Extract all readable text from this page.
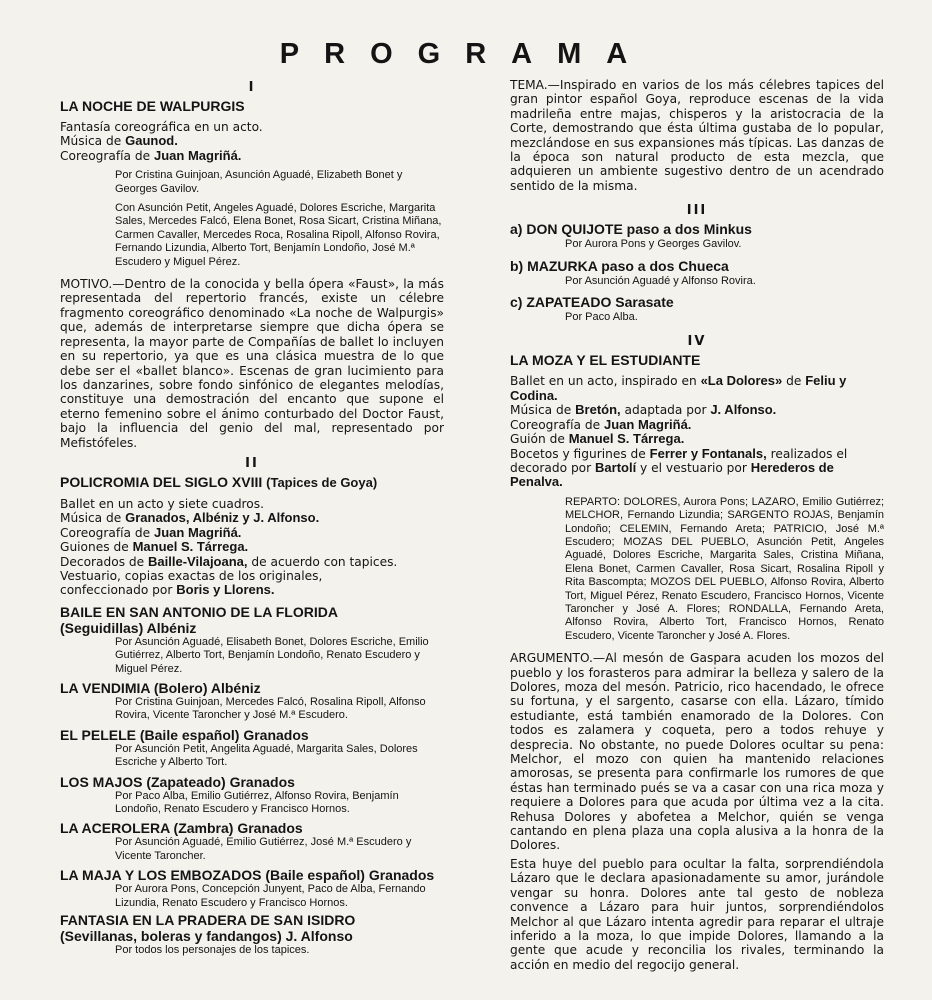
PROGRAMA
I
LA NOCHE DE WALPURGIS
Fantasía coreográfica en un acto.
Música de Gaunod.
Coreografía de Juan Magriñá.
Por Cristina Guinjoan, Asunción Aguadé, Elizabeth Bonet y Georges Gavilov.
Con Asunción Petit, Angeles Aguadé, Dolores Escriche, Margarita Sales, Mercedes Falcó, Elena Bonet, Rosa Sicart, Cristina Miñana, Carmen Cavaller, Mercedes Roca, Rosalina Ripoll, Alfonso Rovira, Fernando Lizundia, Alberto Tort, Benjamín Londoño, José M.ª Escudero y Miguel Pérez.
MOTIVO.—Dentro de la conocida y bella ópera «Faust», la más representada del repertorio francés, existe un célebre fragmento coreográfico denominado «La noche de Walpurgis» que, además de interpretarse siempre que dicha ópera se representa, la mayor parte de Compañías de ballet lo incluyen en su repertorio, ya que es una clásica muestra de lo que debe ser el «ballet blanco». Escenas de gran lucimiento para los danzarines, sobre fondo sinfónico de elegantes melodías, constituye una demostración del encanto que supone el eterno femenino sobre el ánimo conturbado del Doctor Faust, bajo la influencia del genio del mal, representado por Mefistófeles.
II
POLICROMIA DEL SIGLO XVIII (Tapices de Goya)
Ballet en un acto y siete cuadros.
Música de Granados, Albéniz y J. Alfonso.
Coreografía de Juan Magriñá.
Guiones de Manuel S. Tárrega.
Decorados de Baille-Vilajoana, de acuerdo con tapices.
Vestuario, copias exactas de los originales,
confeccionado por Boris y Llorens.
BAILE EN SAN ANTONIO DE LA FLORIDA
(Seguidillas) Albéniz
Por Asunción Aguadé, Elisabeth Bonet, Dolores Escriche, Emilio Gutiérrez, Alberto Tort, Benjamín Londoño, Renato Escudero y Miguel Pérez.
LA VENDIMIA (Bolero) Albéniz
Por Cristina Guinjoan, Mercedes Falcó, Rosalina Ripoll, Alfonso Rovira, Vicente Taroncher y José M.ª Escudero.
EL PELELE (Baile español) Granados
Por Asunción Petit, Angelita Aguadé, Margarita Sales, Dolores Escriche y Alberto Tort.
LOS MAJOS (Zapateado) Granados
Por Paco Alba, Emilio Gutiérrez, Alfonso Rovira, Benjamín Londoño, Renato Escudero y Francisco Hornos.
LA ACEROLERA (Zambra) Granados
Por Asunción Aguadé, Emilio Gutiérrez, José M.ª Escudero y Vicente Taroncher.
LA MAJA Y LOS EMBOZADOS (Baile español) Granados
Por Aurora Pons, Concepción Junyent, Paco de Alba, Fernando Lizundia, Renato Escudero y Francisco Hornos.
FANTASIA EN LA PRADERA DE SAN ISIDRO
(Sevillanas, boleras y fandangos) J. Alfonso
Por todos los personajes de los tapices.
TEMA.—Inspirado en varios de los más célebres tapices del gran pintor español Goya, reproduce escenas de la vida madrileña entre majas, chisperos y la aristocracia de la Corte, demostrando que ésta última gustaba de lo popular, mezclándose en sus expansiones más típicas. Las danzas de la época son natural producto de esta mezcla, que adquieren un ambiente sugestivo dentro de un acendrado sentido de la misma.
III
a) DON QUIJOTE paso a dos Minkus
Por Aurora Pons y Georges Gavilov.
b) MAZURKA paso a dos Chueca
Por Asunción Aguadé y Alfonso Rovira.
c) ZAPATEADO Sarasate
Por Paco Alba.
IV
LA MOZA Y EL ESTUDIANTE
Ballet en un acto, inspirado en «La Dolores» de Feliu y Codina.
Música de Bretón, adaptada por J. Alfonso.
Coreografía de Juan Magriñá.
Guión de Manuel S. Tárrega.
Bocetos y figurines de Ferrer y Fontanals, realizados el decorado por Bartolí y el vestuario por Herederos de Penalva.
REPARTO: DOLORES, Aurora Pons; LAZARO, Emilio Gutiérrez; MELCHOR, Fernando Lizundia; SARGENTO ROJAS, Benjamín Londoño; CELEMIN, Fernando Areta; PATRICIO, José M.ª Escudero; MOZAS DEL PUEBLO, Asunción Petit, Angeles Aguadé, Dolores Escriche, Margarita Sales, Cristina Miñana, Elena Bonet, Carmen Cavaller, Rosa Sicart, Rosalina Ripoll y Rita Bascompta; MOZOS DEL PUEBLO, Alfonso Rovira, Alberto Tort, Miguel Pérez, Renato Escudero, Francisco Hornos, Vicente Taroncher y José A. Flores; RONDALLA, Fernando Areta, Alfonso Rovira, Alberto Tort, Francisco Hornos, Renato Escudero, Vicente Taroncher y José A. Flores.
ARGUMENTO.—Al mesón de Gaspara acuden los mozos del pueblo y los forasteros para admirar la belleza y salero de la Dolores, moza del mesón. Patricio, rico hacendado, le ofrece su fortuna, y el sargento, casarse con ella. Lázaro, tímido estudiante, está también enamorado de la Dolores. Con todos es zalamera y coqueta, pero a todos rehuye y desprecia. No obstante, no puede Dolores ocultar su pena: Melchor, el mozo con quien ha mantenido relaciones amorosas, se presenta para confirmarle los rumores de que éstas han terminado pués se va a casar con una rica moza y requiere a Dolores para que acuda por última vez a la cita. Rehusa Dolores y abofetea a Melchor, quién se venga cantando en plena plaza una copla alusiva a la honra de la Dolores.
Esta huye del pueblo para ocultar la falta, sorprendiéndola Lázaro que le declara apasionadamente su amor, jurándole vengar su honra. Dolores ante tal gesto de nobleza convence a Lázaro para huir juntos, sorprendiéndolos Melchor al que Lázaro intenta agredir para reparar el ultraje inferido a la moza, lo que impide Dolores, llamando a la gente que acude y reconcilia los rivales, terminando la acción en medio del regocijo general.
